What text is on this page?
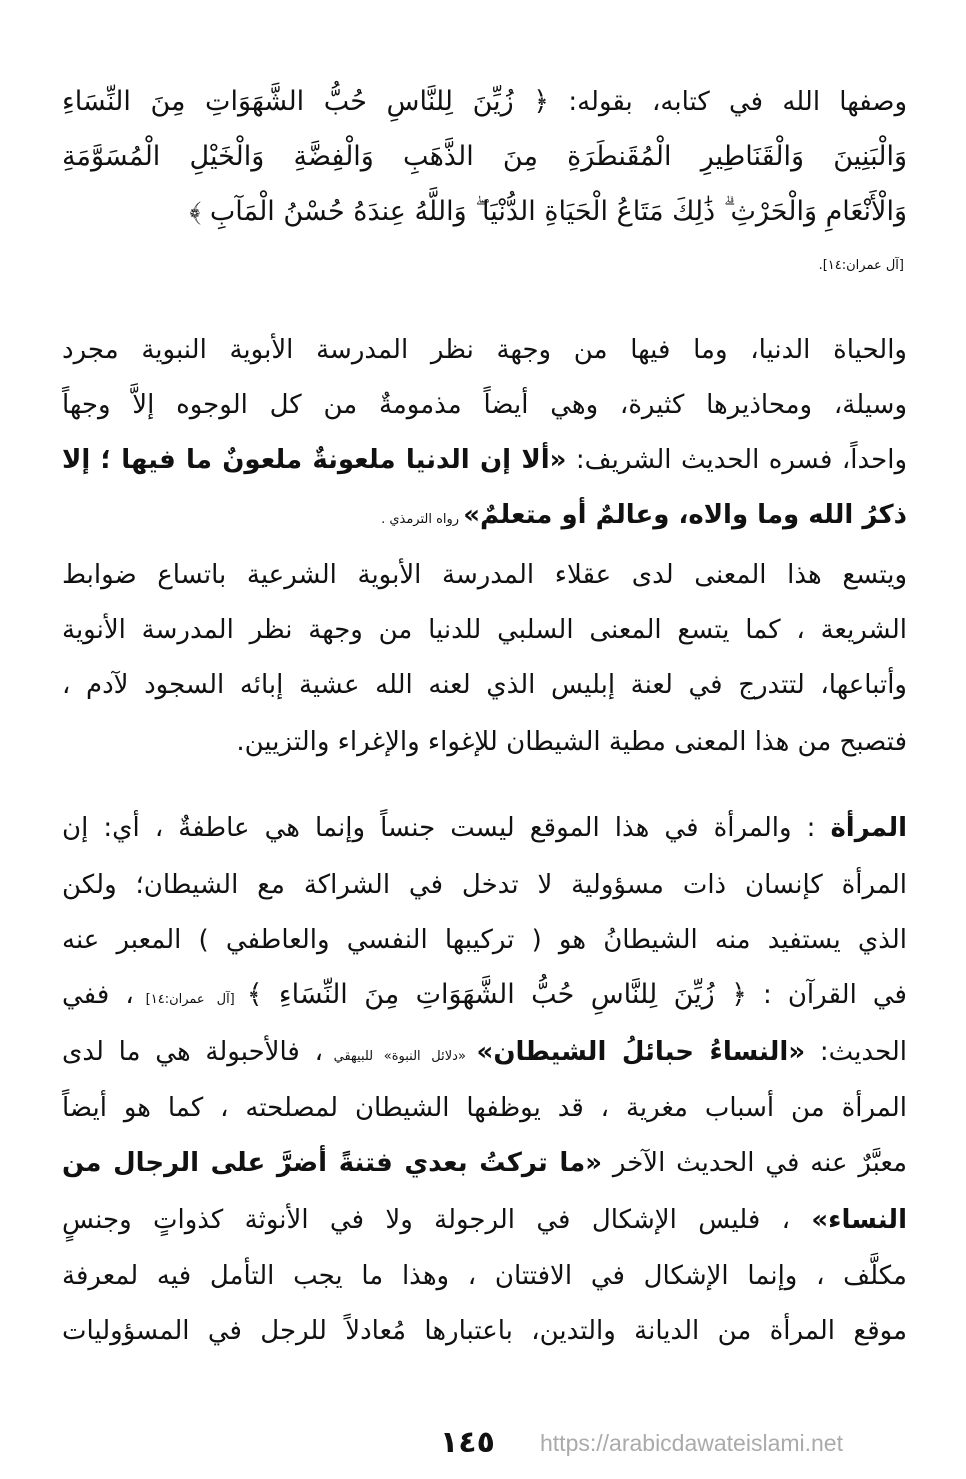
[آل عمران:١٤].
١٤٥ https://arabicdawateislami.net
وصفها الله في كتابه، بقوله: ﴿ زُيِّنَ لِلنَّاسِ حُبُّ الشَّهَوَاتِ مِنَ النِّسَاءِ
وَالْبَنِينَ وَالْقَنَاطِيرِ الْمُقَنطَرَةِ مِنَ الذَّهَبِ وَالْفِضَّةِ وَالْخَيْلِ الْمُسَوَّمَةِ
وَالْأَنْعَامِ وَالْحَرْثِ ۗ ذَٰلِكَ مَتَاعُ الْحَيَاةِ الدُّنْيَا ۖ وَاللَّهُ عِندَهُ حُسْنُ الْمَآبِ ﴾
والحياة الدنيا، وما فيها من وجهة نظر المدرسة الأبوية النبوية مجرد
وسيلة، ومحاذيرها كثيرة، وهي أيضاً مذمومةٌ من كل الوجوه إلاَّ وجهاً
واحداً، فسره الحديث الشريف: «ألا إن الدنيا ملعونةٌ ملعونٌ ما فيها ؛ إلا
ذكرُ الله وما والاه، وعالمٌ أو متعلمٌ» رواه الترمذي .
ويتسع هذا المعنى لدى عقلاء المدرسة الأبوية الشرعية باتساع ضوابط
الشريعة ، كما يتسع المعنى السلبي للدنيا من وجهة نظر المدرسة الأنوية
وأتباعها، لتتدرج في لعنة إبليس الذي لعنه الله عشية إبائه السجود لآدم ،
فتصبح من هذا المعنى مطية الشيطان للإغواء والإغراء والتزيين.
المرأة : والمرأة في هذا الموقع ليست جنساً وإنما هي عاطفةٌ ، أي: إن
المرأة كإنسان ذات مسؤولية لا تدخل في الشراكة مع الشيطان؛ ولكن
الذي يستفيد منه الشيطانُ هو ( تركيبها النفسي والعاطفي ) المعبر عنه
في القرآن : ﴿ زُيِّنَ لِلنَّاسِ حُبُّ الشَّهَوَاتِ مِنَ النِّسَاءِ ﴾ [آل عمران:١٤] ، ففي
الحديث: «النساءُ حبائلُ الشيطان» «دلائل النبوة» للبيهقي ، فالأحبولة هي ما لدى
المرأة من أسباب مغرية ، قد يوظفها الشيطان لمصلحته ، كما هو أيضاً
معبَّرٌ عنه في الحديث الآخر «ما تركتُ بعدي فتنةً أضرَّ على الرجال من
النساء» ، فليس الإشكال في الرجولة ولا في الأنوثة كذواتٍ وجنسٍ
مكلَّف ، وإنما الإشكال في الافتتان ، وهذا ما يجب التأمل فيه لمعرفة
موقع المرأة من الديانة والتدين، باعتبارها مُعادلاً للرجل في المسؤوليات
